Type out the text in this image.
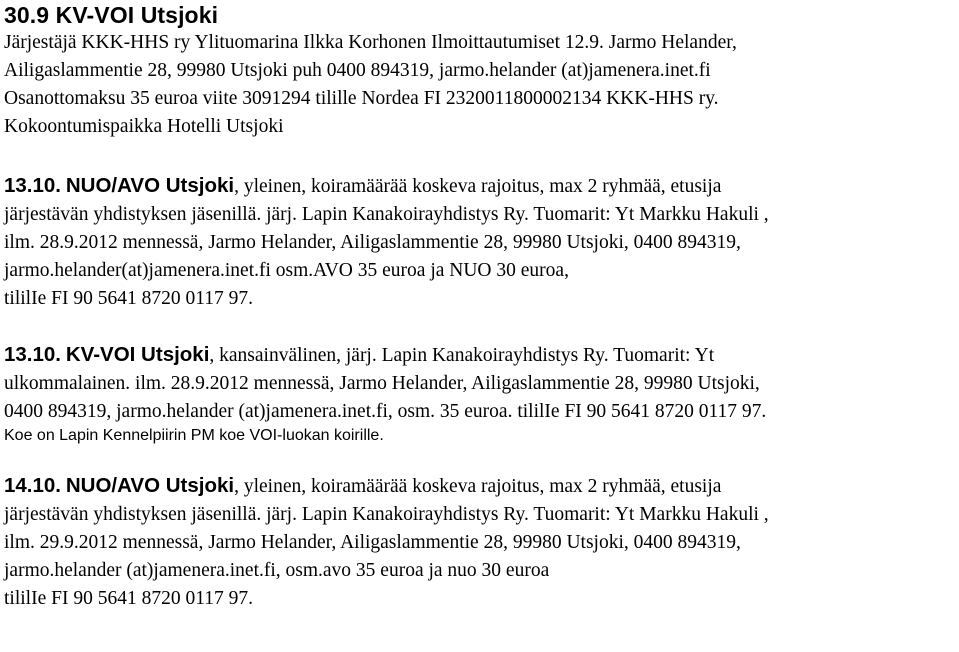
30.9 KV-VOI Utsjoki

Järjestäjä KKK-HHS ry Ylituomarina Ilkka Korhonen Ilmoittautumiset 12.9. Jarmo Helander,

Ailigaslammentie 28, 99980 Utsjoki puh 0400 894319, jarmo.helander (at)jamenera.inet.fi

Osanottomaksu 35 euroa viite 3091294 tilille Nordea FI 2320011800002134 KKK-HHS ry.

Kokoontumispaikka Hotelli Utsjoki

13.10. NUO/AVO Utsjoki, yleinen, koiramäärää koskeva rajoitus, max 2 ryhmää, etusija

järjestävän yhdistyksen jäsenillä. järj. Lapin Kanakoirayhdistys Ry. Tuomarit: Yt Markku Hakuli ,

ilm. 28.9.2012 mennessä, Jarmo Helander, Ailigaslammentie 28, 99980 Utsjoki, 0400 894319,

jarmo.helander(at)jamenera.inet.fi osm.AVO 35 euroa ja NUO 30 euroa,

tililIe FI 90 5641 8720 0117 97.

13.10. KV-VOI Utsjoki, kansainvälinen, järj. Lapin Kanakoirayhdistys Ry. Tuomarit: Yt

ulkommalainen. ilm. 28.9.2012 mennessä, Jarmo Helander, Ailigaslammentie 28, 99980 Utsjoki,

0400 894319, jarmo.helander (at)jamenera.inet.fi, osm. 35 euroa. tililIe FI 90 5641 8720 0117 97.

Koe on Lapin Kennelpiirin PM koe VOI-luokan koirille.

14.10. NUO/AVO Utsjoki, yleinen, koiramäärää koskeva rajoitus, max 2 ryhmää, etusija

järjestävän yhdistyksen jäsenillä. järj. Lapin Kanakoirayhdistys Ry. Tuomarit: Yt Markku Hakuli ,

ilm. 29.9.2012 mennessä, Jarmo Helander, Ailigaslammentie 28, 99980 Utsjoki, 0400 894319,

jarmo.helander (at)jamenera.inet.fi, osm.avo 35 euroa ja nuo 30 euroa

tililIe FI 90 5641 8720 0117 97.
